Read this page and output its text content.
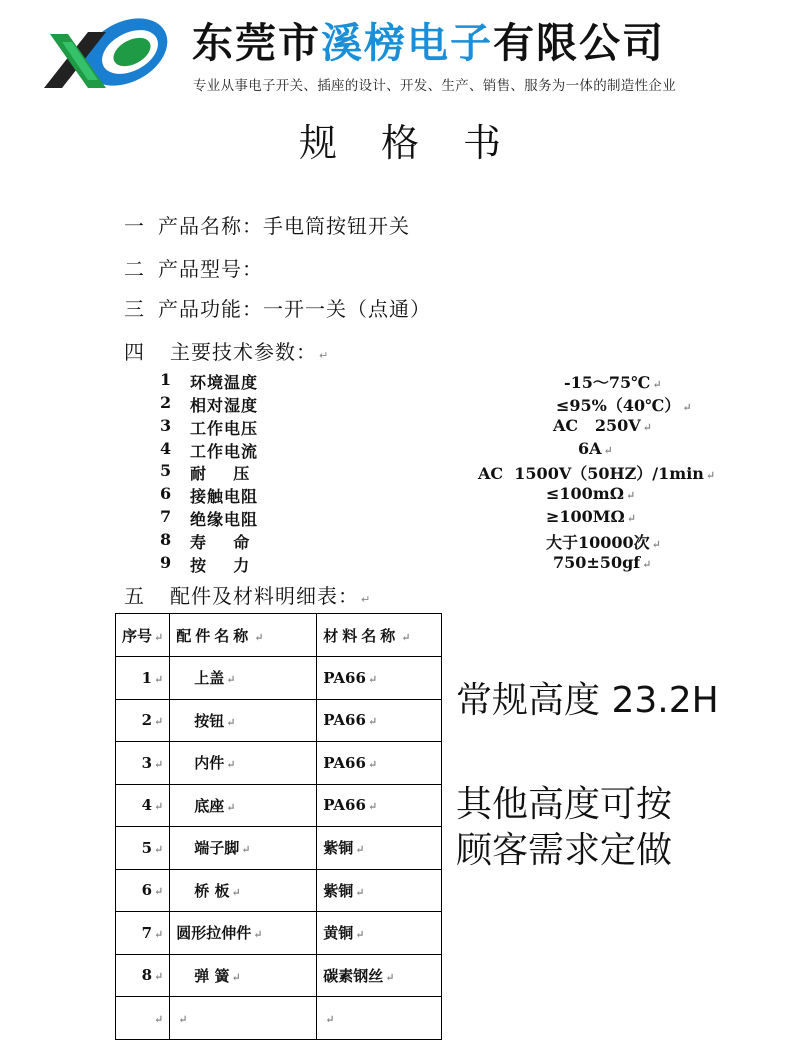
东莞市溪榜电子有限公司
专业从事电子开关、插座的设计、开发、生产、销售、服务为一体的制造性企业
规格书
一 产品名称：手电筒按钮开关
二 产品型号：
三 产品功能：一开一关（点通）
四 主要技术参数： ↵
1 环境温度	-15～75℃ ↵
2 相对湿度	≤95%（40℃） ↵
3 工作电压	AC   250V ↵
4 工作电流	6A ↵
5 耐    压	AC  1500V（50HZ）/1min ↵
6 接触电阻	≤100mΩ ↵
7 绝缘电阻	≥100MΩ ↵
8 寿    命	大于10000次 ↵
9 按    力	750±50gf ↵
五 配件及材料明细表： ↵
序号 ↵	配件名称 ↵	材料名称 ↵
1 ↵	上盖 ↵	PA66 ↵
2 ↵	按钮 ↵	PA66 ↵
3 ↵	内件 ↵	PA66 ↵
4 ↵	底座 ↵	PA66 ↵
5 ↵	端子脚 ↵	紫铜 ↵
6 ↵	桥 板 ↵	紫铜 ↵
7 ↵	圆形拉伸件 ↵	黄铜 ↵
8 ↵	弹 簧 ↵	碳素钢丝 ↵
↵	↵	↵
常规高度 23.2H
其他高度可按
顾客需求定做
